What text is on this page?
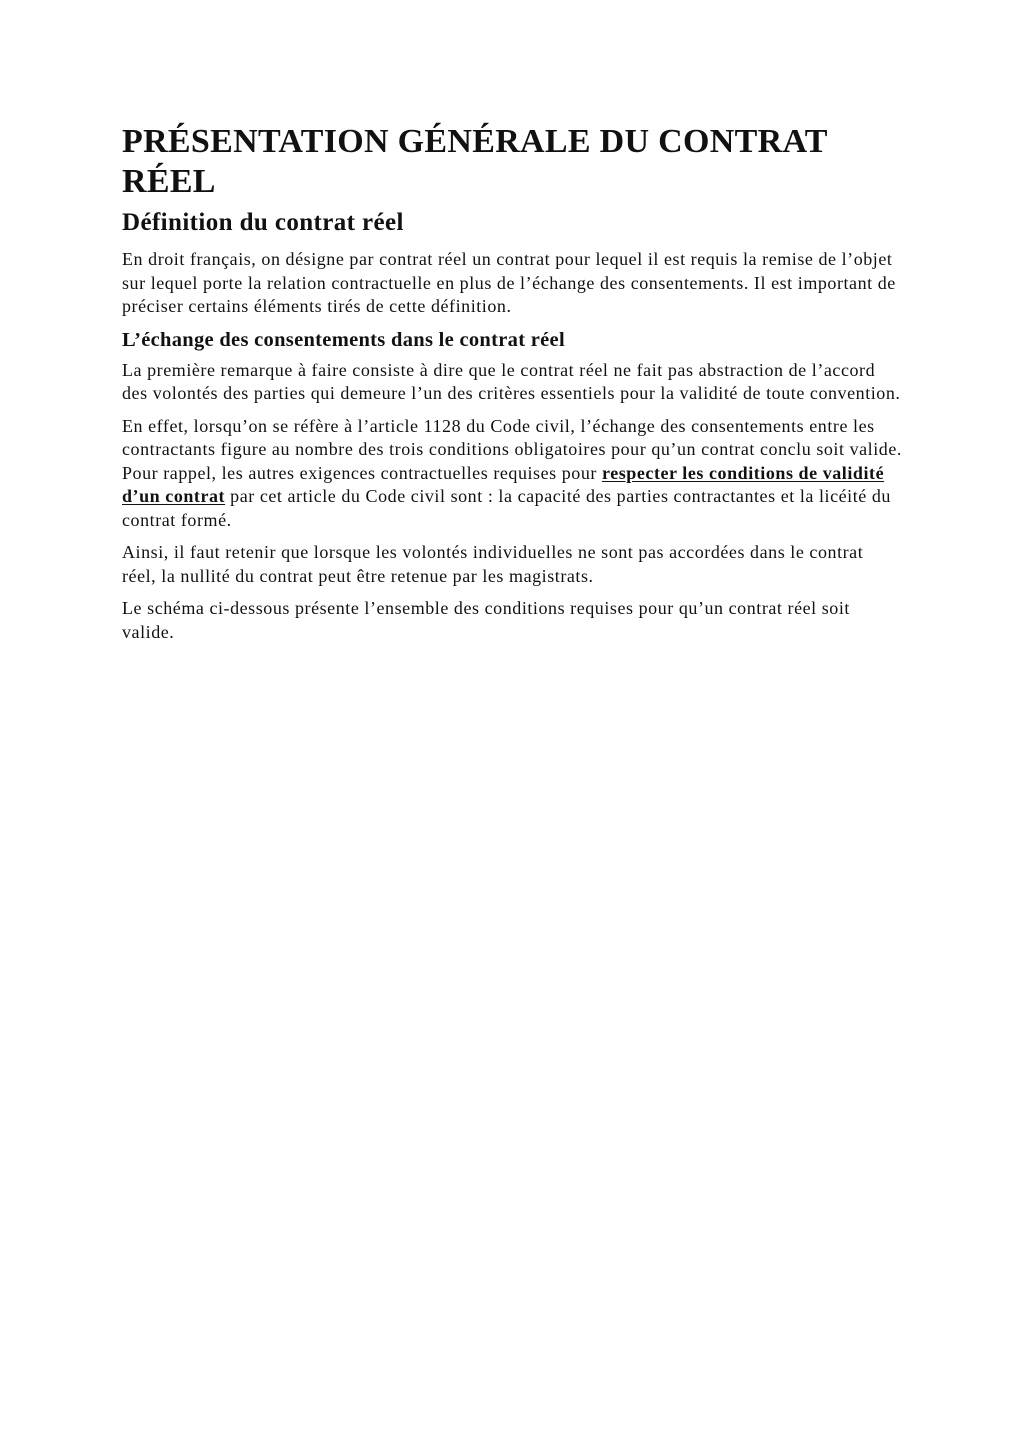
PRÉSENTATION GÉNÉRALE DU CONTRAT RÉEL
Définition du contrat réel

En droit français, on désigne par contrat réel un contrat pour lequel il est requis la remise de l’objet sur lequel porte la relation contractuelle en plus de l’échange des consentements. Il est important de préciser certains éléments tirés de cette définition.

L’échange des consentements dans le contrat réel

La première remarque à faire consiste à dire que le contrat réel ne fait pas abstraction de l’accord des volontés des parties qui demeure l’un des critères essentiels pour la validité de toute convention.

En effet, lorsqu’on se réfère à l’article 1128 du Code civil, l’échange des consentements entre les contractants figure au nombre des trois conditions obligatoires pour qu’un contrat conclu soit valide. Pour rappel, les autres exigences contractuelles requises pour respecter les conditions de validité d’un contrat par cet article du Code civil sont : la capacité des parties contractantes et la licéité du contrat formé.

Ainsi, il faut retenir que lorsque les volontés individuelles ne sont pas accordées dans le contrat réel, la nullité du contrat peut être retenue par les magistrats.

Le schéma ci-dessous présente l’ensemble des conditions requises pour qu’un contrat réel soit valide.
